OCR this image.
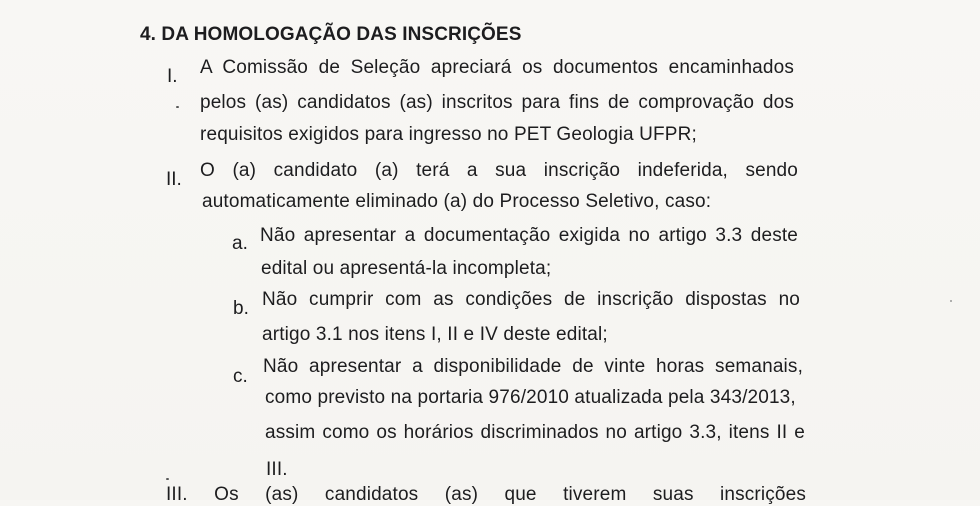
4. DA HOMOLOGAÇÃO DAS INSCRIÇÕES
I. A Comissão de Seleção apreciará os documentos encaminhados
pelos (as) candidatos (as) inscritos para fins de comprovação dos
requisitos exigidos para ingresso no PET Geologia UFPR;
II. O (a) candidato (a) terá a sua inscrição indeferida, sendo
automaticamente eliminado (a) do Processo Seletivo, caso:
a. Não apresentar a documentação exigida no artigo 3.3 deste
edital ou apresentá-la incompleta;
b. Não cumprir com as condições de inscrição dispostas no
artigo 3.1 nos itens I, II e IV deste edital;
c. Não apresentar a disponibilidade de vinte horas semanais,
como previsto na portaria 976/2010 atualizada pela 343/2013,
assim como os horários discriminados no artigo 3.3, itens II e
III.
III. Os (as) candidatos (as) que tiverem suas inscrições
